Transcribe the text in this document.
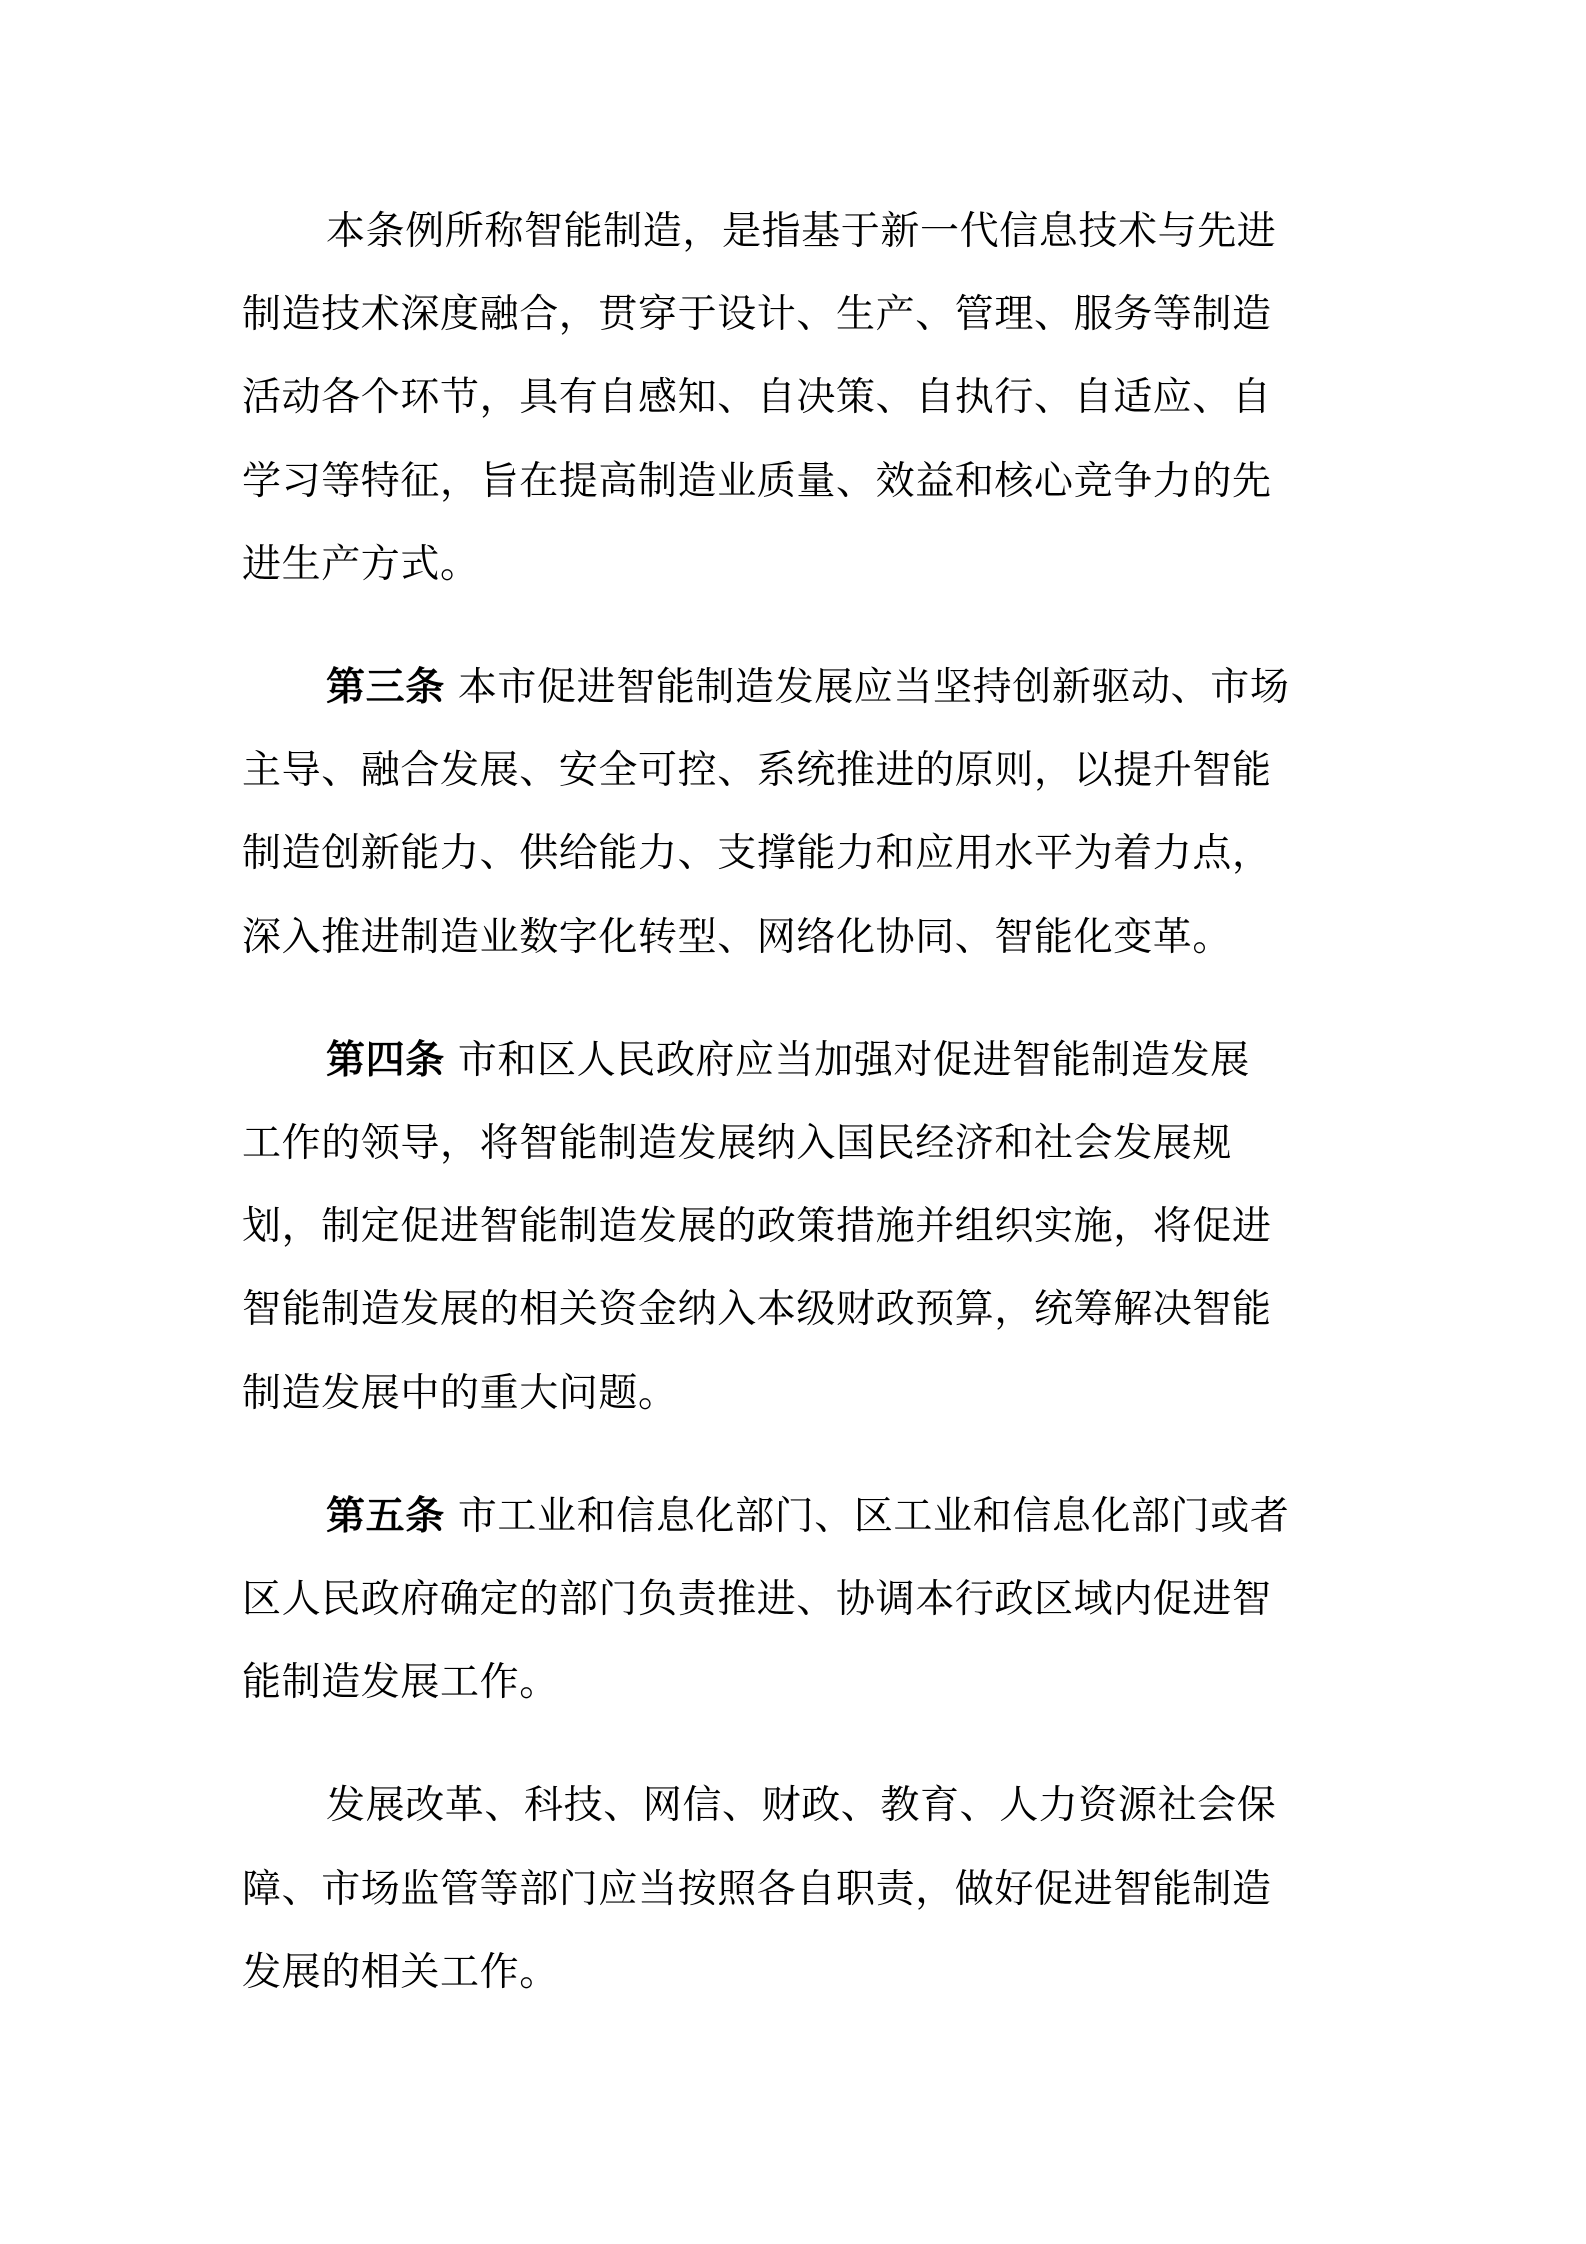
本条例所称智能制造，是指基于新一代信息技术与先进
制造技术深度融合，贯穿于设计、生产、管理、服务等制造
活动各个环节，具有自感知、自决策、自执行、自适应、自
学习等特征，旨在提高制造业质量、效益和核心竞争力的先
进生产方式。

第三条 本市促进智能制造发展应当坚持创新驱动、市场
主导、融合发展、安全可控、系统推进的原则，以提升智能
制造创新能力、供给能力、支撑能力和应用水平为着力点，
深入推进制造业数字化转型、网络化协同、智能化变革。

第四条 市和区人民政府应当加强对促进智能制造发展
工作的领导，将智能制造发展纳入国民经济和社会发展规
划，制定促进智能制造发展的政策措施并组织实施，将促进
智能制造发展的相关资金纳入本级财政预算，统筹解决智能
制造发展中的重大问题。

第五条 市工业和信息化部门、区工业和信息化部门或者
区人民政府确定的部门负责推进、协调本行政区域内促进智
能制造发展工作。

发展改革、科技、网信、财政、教育、人力资源社会保
障、市场监管等部门应当按照各自职责，做好促进智能制造
发展的相关工作。
